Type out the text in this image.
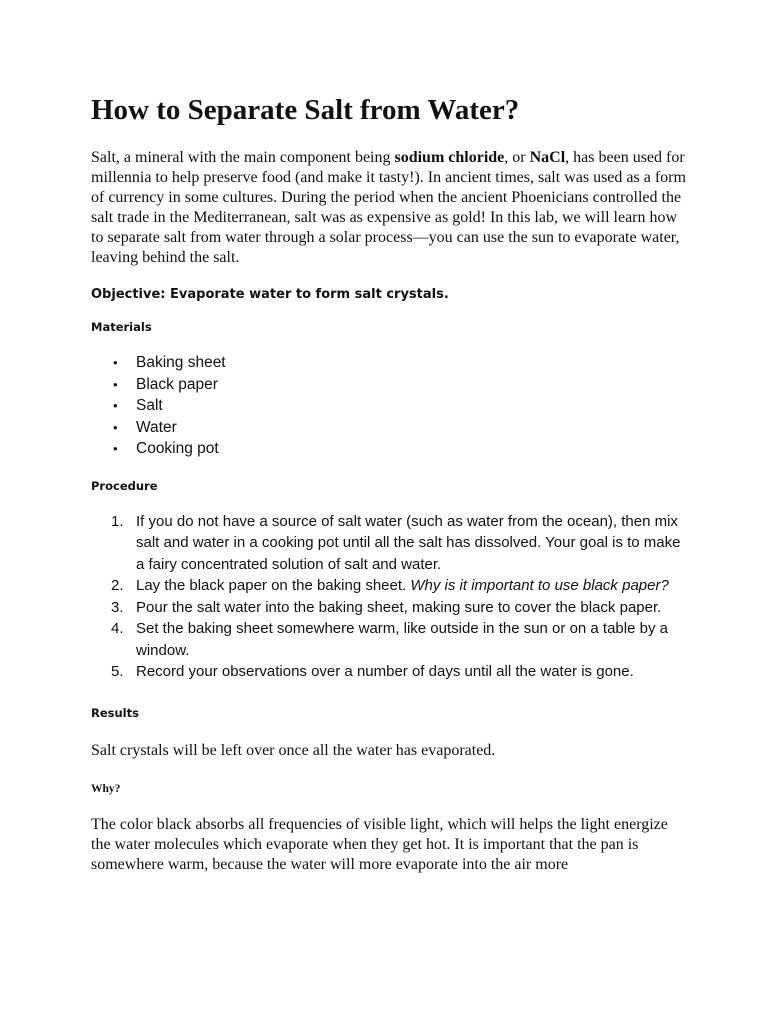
How to Separate Salt from Water?

Salt, a mineral with the main component being sodium chloride, or NaCl, has been used for millennia to help preserve food (and make it tasty!). In ancient times, salt was used as a form of currency in some cultures. During the period when the ancient Phoenicians controlled the salt trade in the Mediterranean, salt was as expensive as gold! In this lab, we will learn how to separate salt from water through a solar process—you can use the sun to evaporate water, leaving behind the salt.

Objective: Evaporate water to form salt crystals.

Materials

• Baking sheet
• Black paper
• Salt
• Water
• Cooking pot

Procedure

1. If you do not have a source of salt water (such as water from the ocean), then mix salt and water in a cooking pot until all the salt has dissolved. Your goal is to make a fairy concentrated solution of salt and water.
2. Lay the black paper on the baking sheet. Why is it important to use black paper?
3. Pour the salt water into the baking sheet, making sure to cover the black paper.
4. Set the baking sheet somewhere warm, like outside in the sun or on a table by a window.
5. Record your observations over a number of days until all the water is gone.

Results

Salt crystals will be left over once all the water has evaporated.

Why?

The color black absorbs all frequencies of visible light, which will helps the light energize the water molecules which evaporate when they get hot. It is important that the pan is somewhere warm, because the water will more evaporate into the air more
